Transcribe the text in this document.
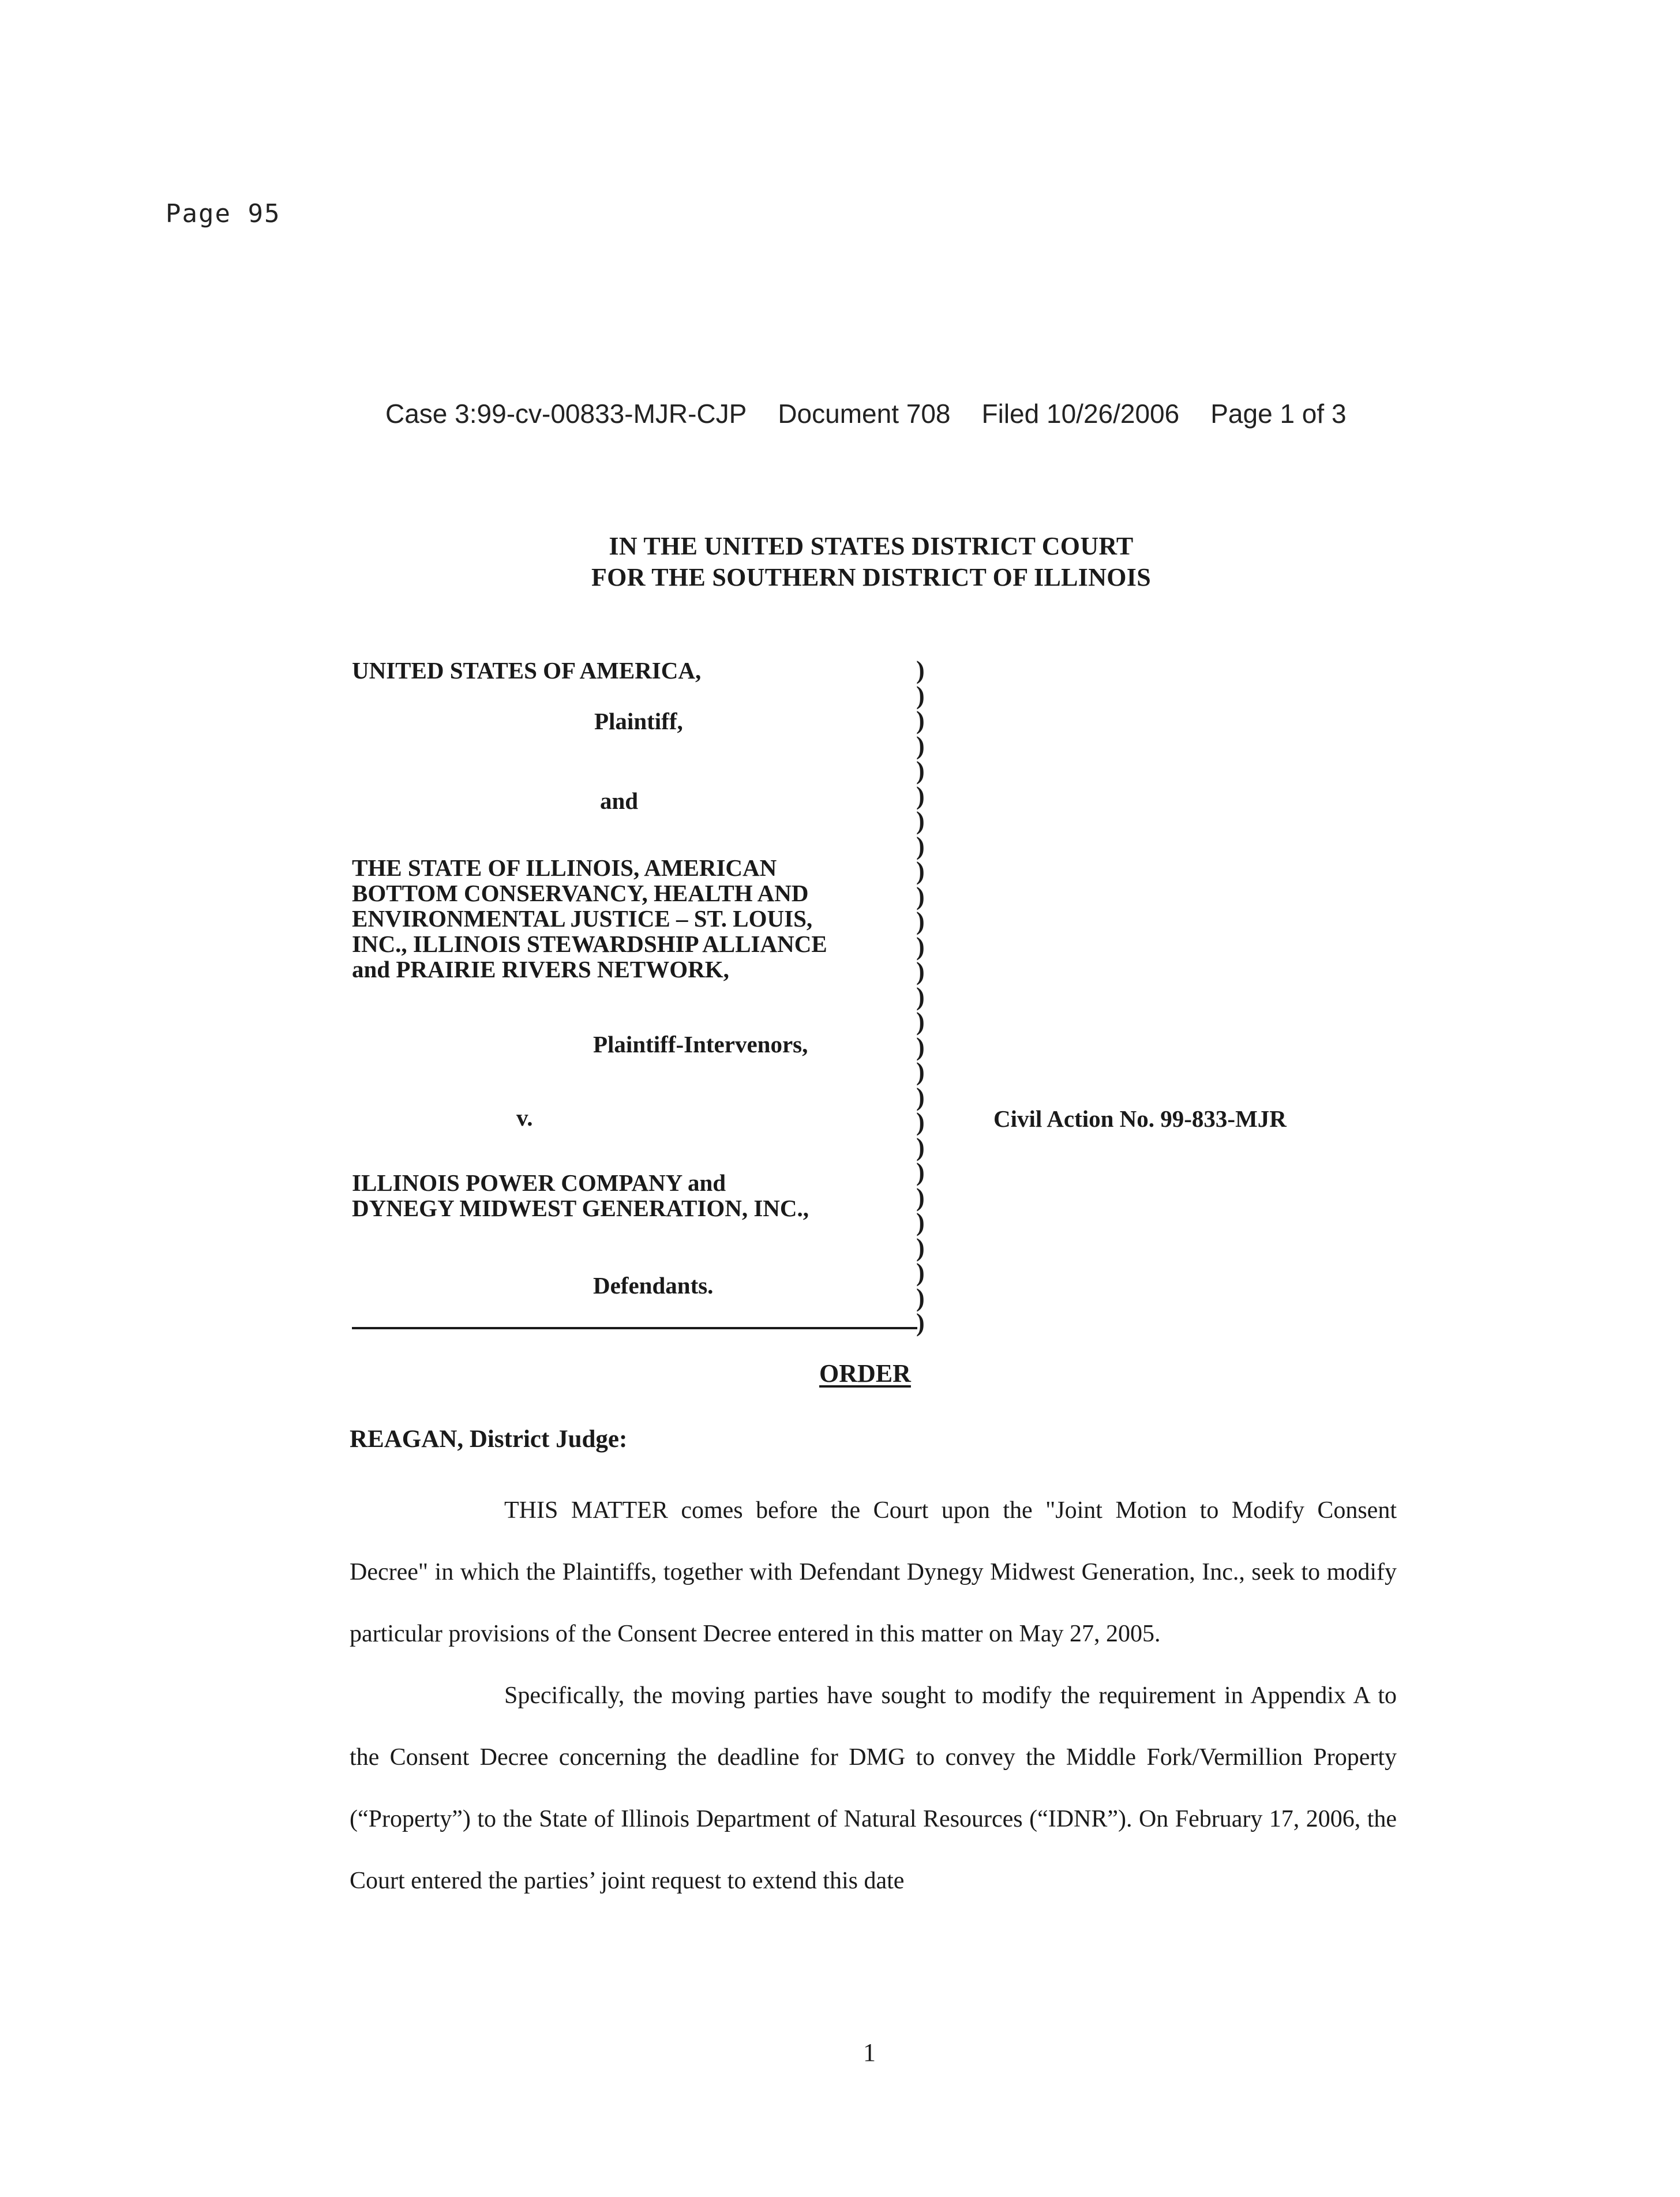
Page 95
Case 3:99-cv-00833-MJR-CJP Document 708 Filed 10/26/2006 Page 1 of 3
IN THE UNITED STATES DISTRICT COURT
FOR THE SOUTHERN DISTRICT OF ILLINOIS
UNITED STATES OF AMERICA,
Plaintiff,
and
THE STATE OF ILLINOIS, AMERICAN
BOTTOM CONSERVANCY, HEALTH AND
ENVIRONMENTAL JUSTICE – ST. LOUIS,
INC., ILLINOIS STEWARDSHIP ALLIANCE
and PRAIRIE RIVERS NETWORK,
Plaintiff-Intervenors,
v.
ILLINOIS POWER COMPANY and
DYNEGY MIDWEST GENERATION, INC.,
Defendants.
)
)
)
)
)
)
)
)
)
)
)
)
)
)
)
)
)
)
)
)
)
)
)
)
)
)
)
Civil Action No. 99-833-MJR
ORDER
REAGAN, District Judge:

THIS MATTER comes before the Court upon the "Joint Motion to Modify Consent Decree" in which the Plaintiffs, together with Defendant Dynegy Midwest Generation, Inc., seek to modify particular provisions of the Consent Decree entered in this matter on May 27, 2005.

Specifically, the moving parties have sought to modify the requirement in Appendix A to the Consent Decree concerning the deadline for DMG to convey the Middle Fork/Vermillion Property (“Property”) to the State of Illinois Department of Natural Resources (“IDNR”). On February 17, 2006, the Court entered the parties’ joint request to extend this date

1
